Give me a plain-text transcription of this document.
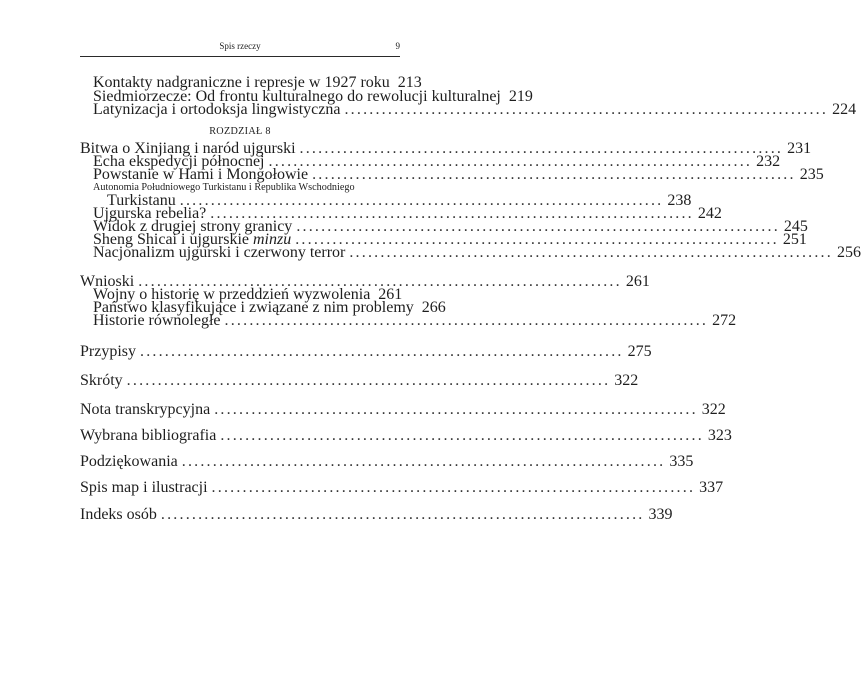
Spis rzeczy	9
Kontakty nadgraniczne i represje w 1927 roku 213
Siedmiorzecze: Od frontu kulturalnego do rewolucji kulturalnej 219
Latynizacja i ortodoksja lingwistyczna .............................................................................. 224
ROZDZIAŁ 8
Bitwa o Xinjiang i naród ujgurski .............................................................................. 231
Echa ekspedycji północnej .............................................................................. 232
Powstanie w Hami i Mongołowie .............................................................................. 235
Autonomia Południowego Turkistanu i Republika Wschodniego
Turkistanu .............................................................................. 238
Ujgurska rebelia? .............................................................................. 242
Widok z drugiej strony granicy .............................................................................. 245
Sheng Shicai i ujgurskie minzu .............................................................................. 251
Nacjonalizm ujgurski i czerwony terror .............................................................................. 256
Wnioski .............................................................................. 261
Wojny o historię w przeddzień wyzwolenia 261
Państwo klasyfikujące i związane z nim problemy 266
Historie równoległe .............................................................................. 272
Przypisy .............................................................................. 275
Skróty .............................................................................. 322
Nota transkrypcyjna .............................................................................. 322
Wybrana bibliografia .............................................................................. 323
Podziękowania .............................................................................. 335
Spis map i ilustracji .............................................................................. 337
Indeks osób .............................................................................. 339
